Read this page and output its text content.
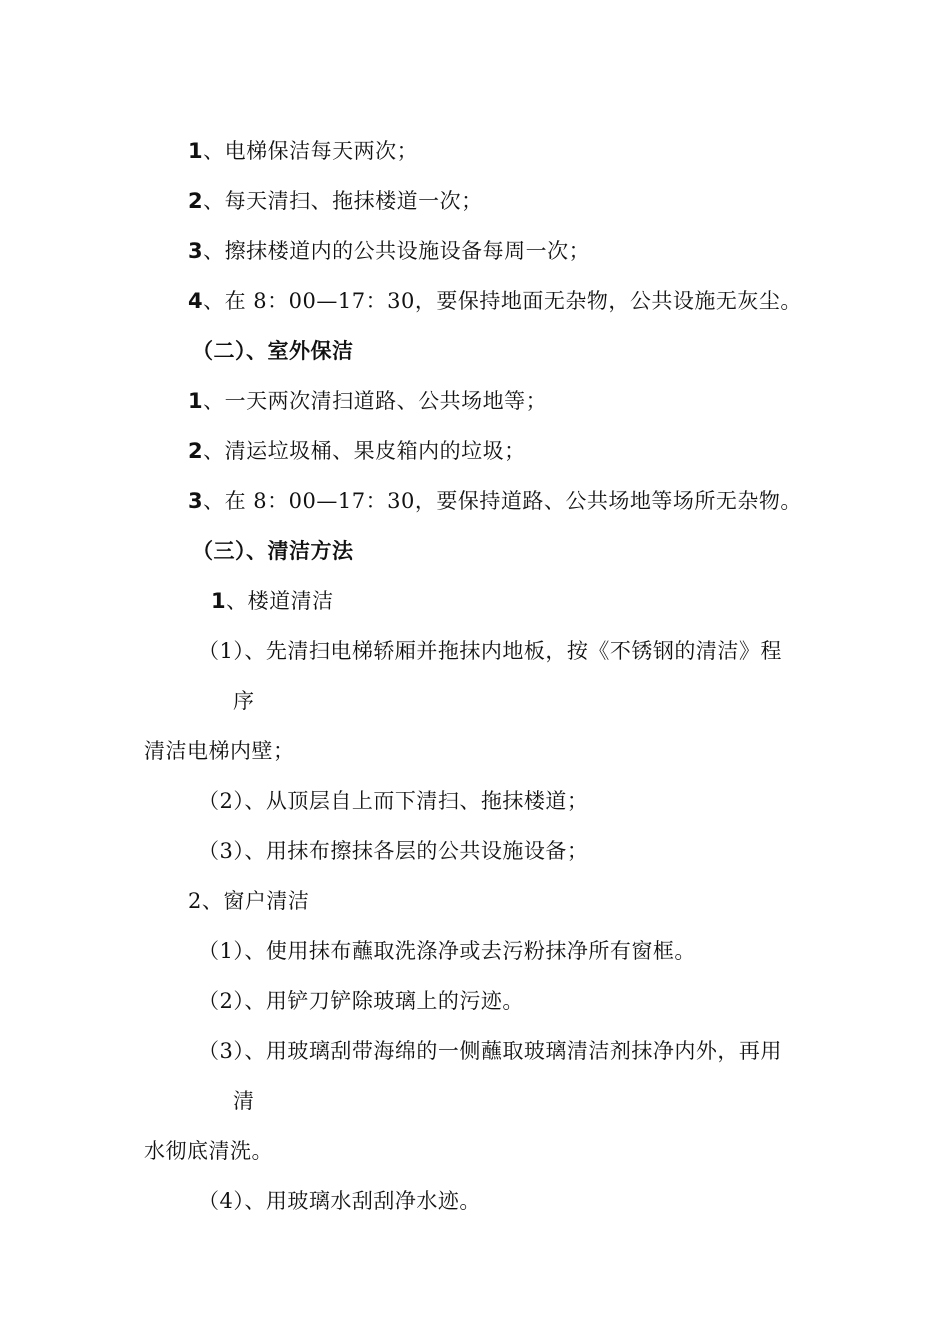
1、电梯保洁每天两次；
2、每天清扫、拖抹楼道一次；
3、擦抹楼道内的公共设施设备每周一次；
4、在 8：00—17：30，要保持地面无杂物，公共设施无灰尘。
（二）、室外保洁
1、一天两次清扫道路、公共场地等；
2、清运垃圾桶、果皮箱内的垃圾；
3、在 8：00—17：30，要保持道路、公共场地等场所无杂物。
（三）、清洁方法
1、楼道清洁
（1）、先清扫电梯轿厢并拖抹内地板，按《不锈钢的清洁》程
序
清洁电梯内壁；
（2）、从顶层自上而下清扫、拖抹楼道；
（3）、用抹布擦抹各层的公共设施设备；
2、窗户清洁
（1）、使用抹布蘸取洗涤净或去污粉抹净所有窗框。
（2）、用铲刀铲除玻璃上的污迹。
（3）、用玻璃刮带海绵的一侧蘸取玻璃清洁剂抹净内外，再用
清
水彻底清洗。
（4）、用玻璃水刮刮净水迹。
